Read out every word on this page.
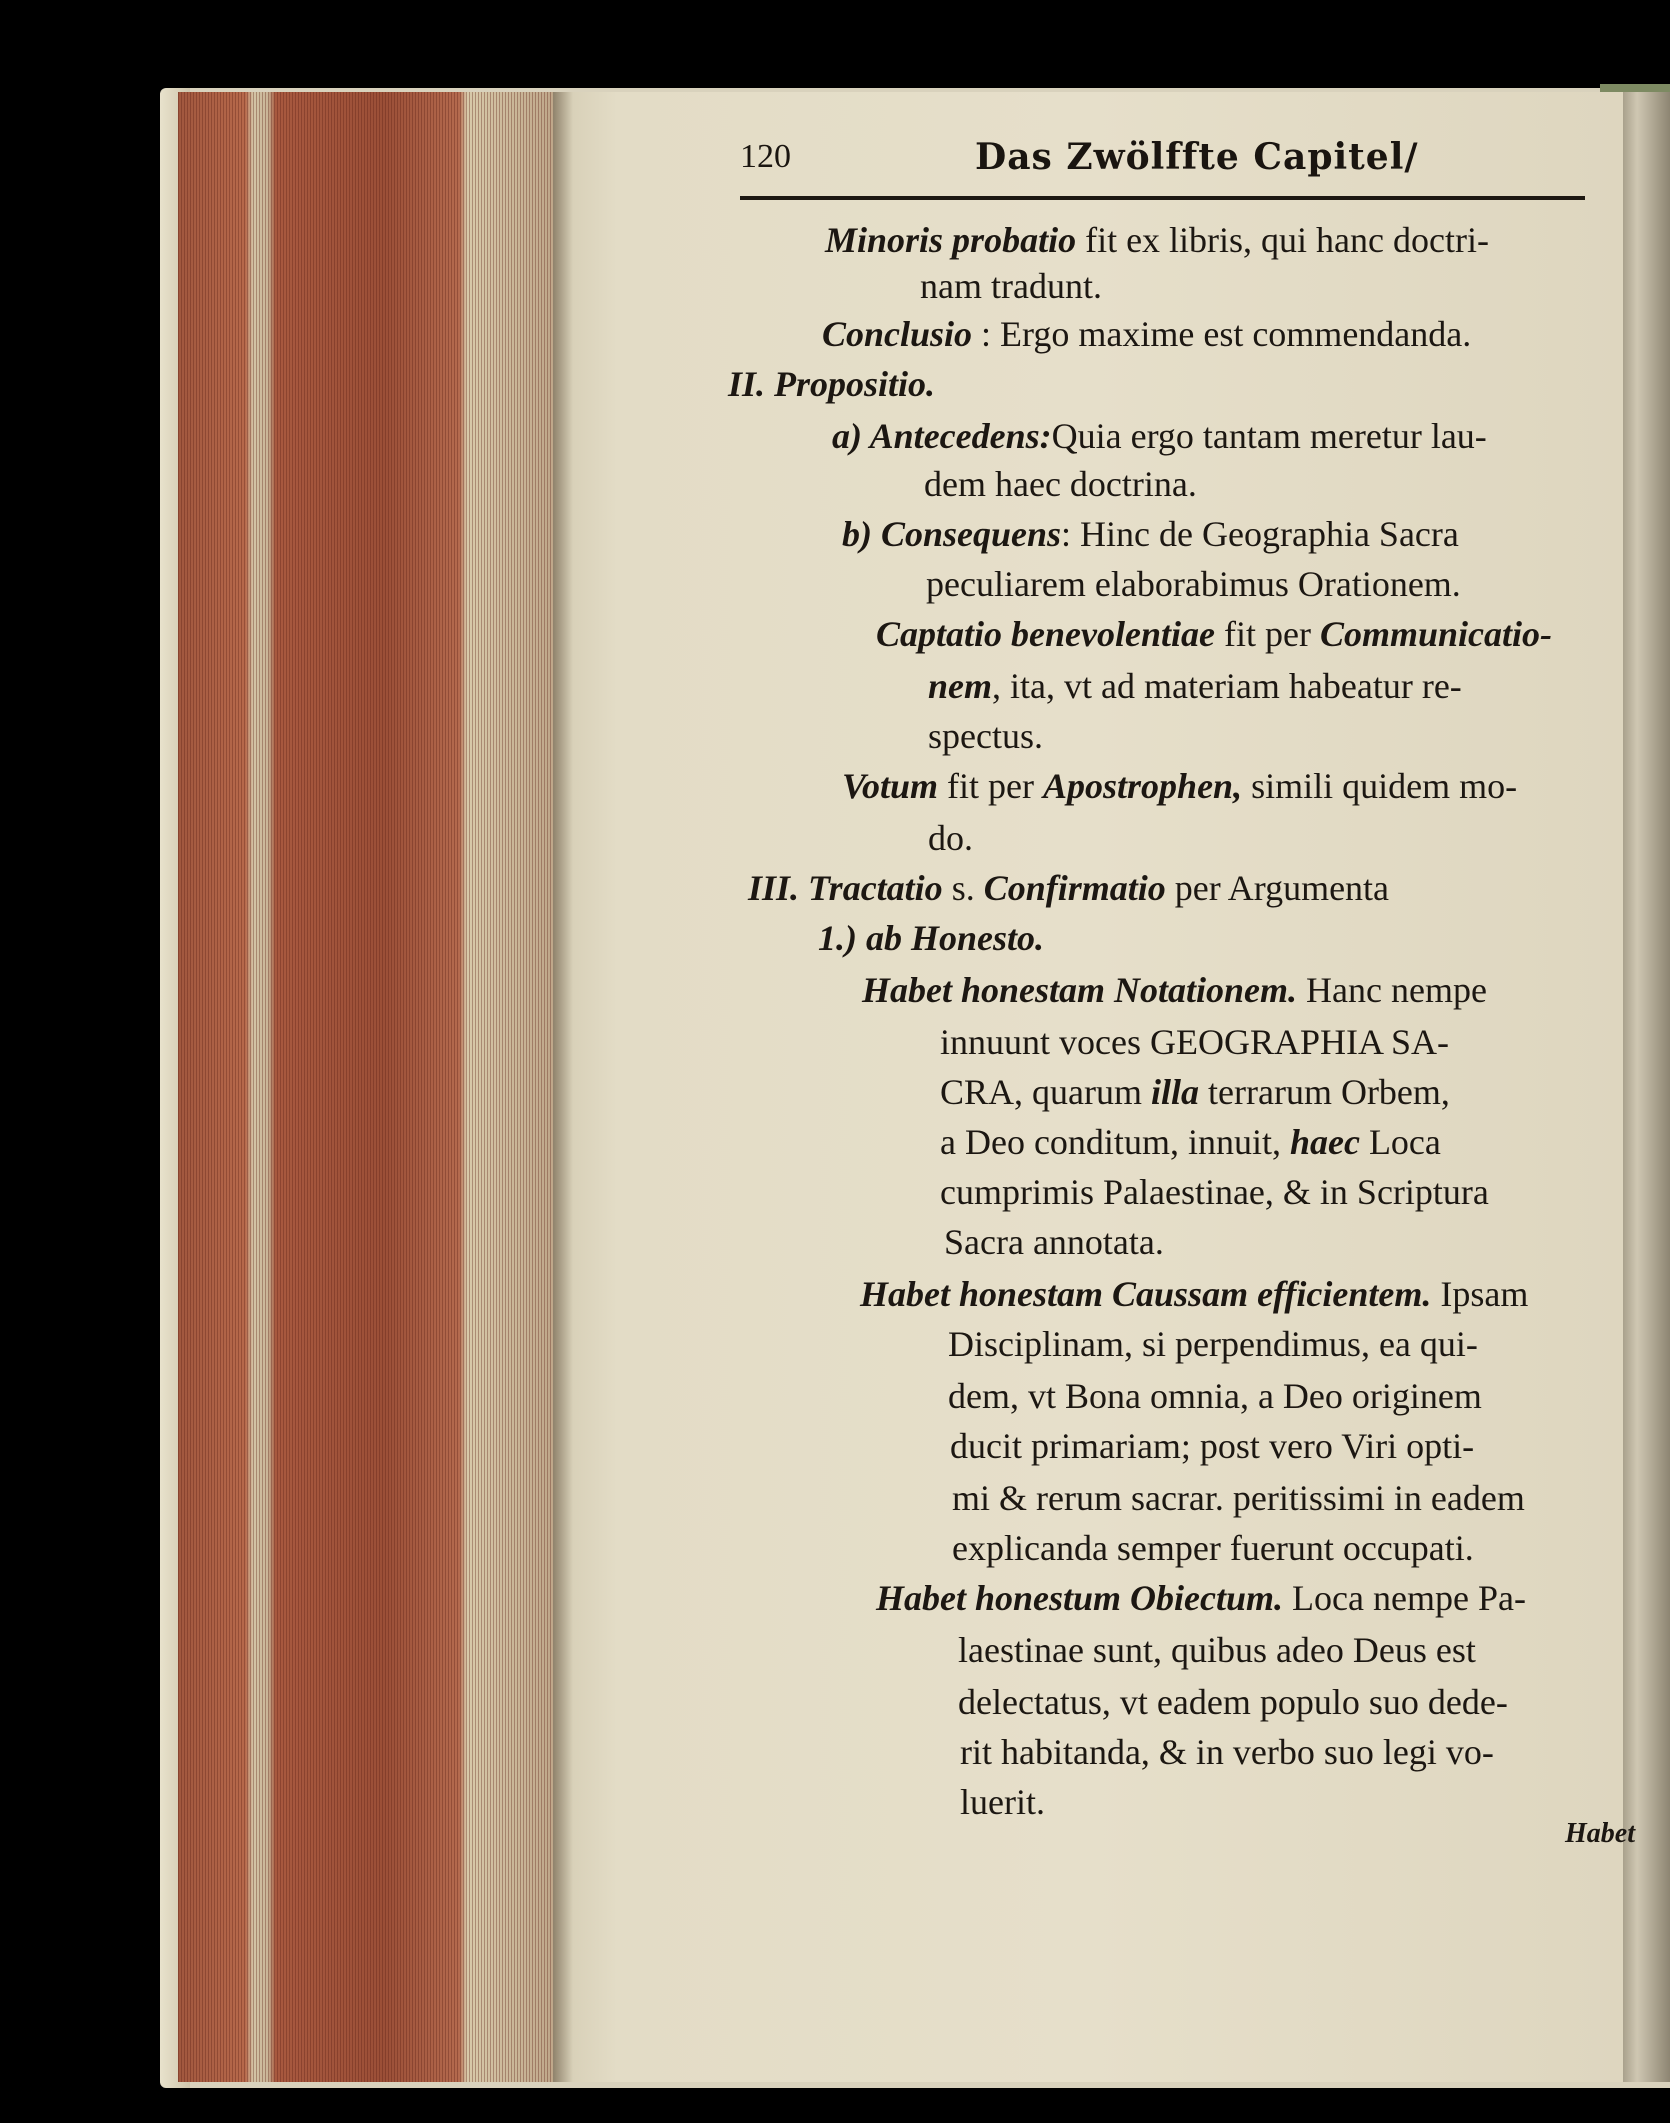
120	Das Zwölffte Capitel/
Minoris probatio fit ex libris, qui hanc doctri-
nam tradunt.
Conclusio : Ergo maxime est commendanda.
II. Propositio.
a) Antecedens:Quia ergo tantam meretur lau-
dem haec doctrina.
b) Consequens: Hinc de Geographia Sacra
peculiarem elaborabimus Orationem.
Captatio benevolentiae fit per Communicatio-
nem, ita, vt ad materiam habeatur re-
spectus.
Votum fit per Apostrophen, simili quidem mo-
do.
III. Tractatio s. Confirmatio per Argumenta
1.) ab Honesto.
Habet honestam Notationem. Hanc nempe
innuunt voces GEOGRAPHIA SA-
CRA, quarum illa terrarum Orbem,
a Deo conditum, innuit, haec Loca
cumprimis Palaestinae, & in Scriptura
Sacra annotata.
Habet honestam Caussam efficientem. Ipsam
Disciplinam, si perpendimus, ea qui-
dem, vt Bona omnia, a Deo originem
ducit primariam; post vero Viri opti-
mi & rerum sacrar. peritissimi in eadem
explicanda semper fuerunt occupati.
Habet honestum Obiectum. Loca nempe Pa-
laestinae sunt, quibus adeo Deus est
delectatus, vt eadem populo suo dede-
rit habitanda, & in verbo suo legi vo-
luerit.
Habet
